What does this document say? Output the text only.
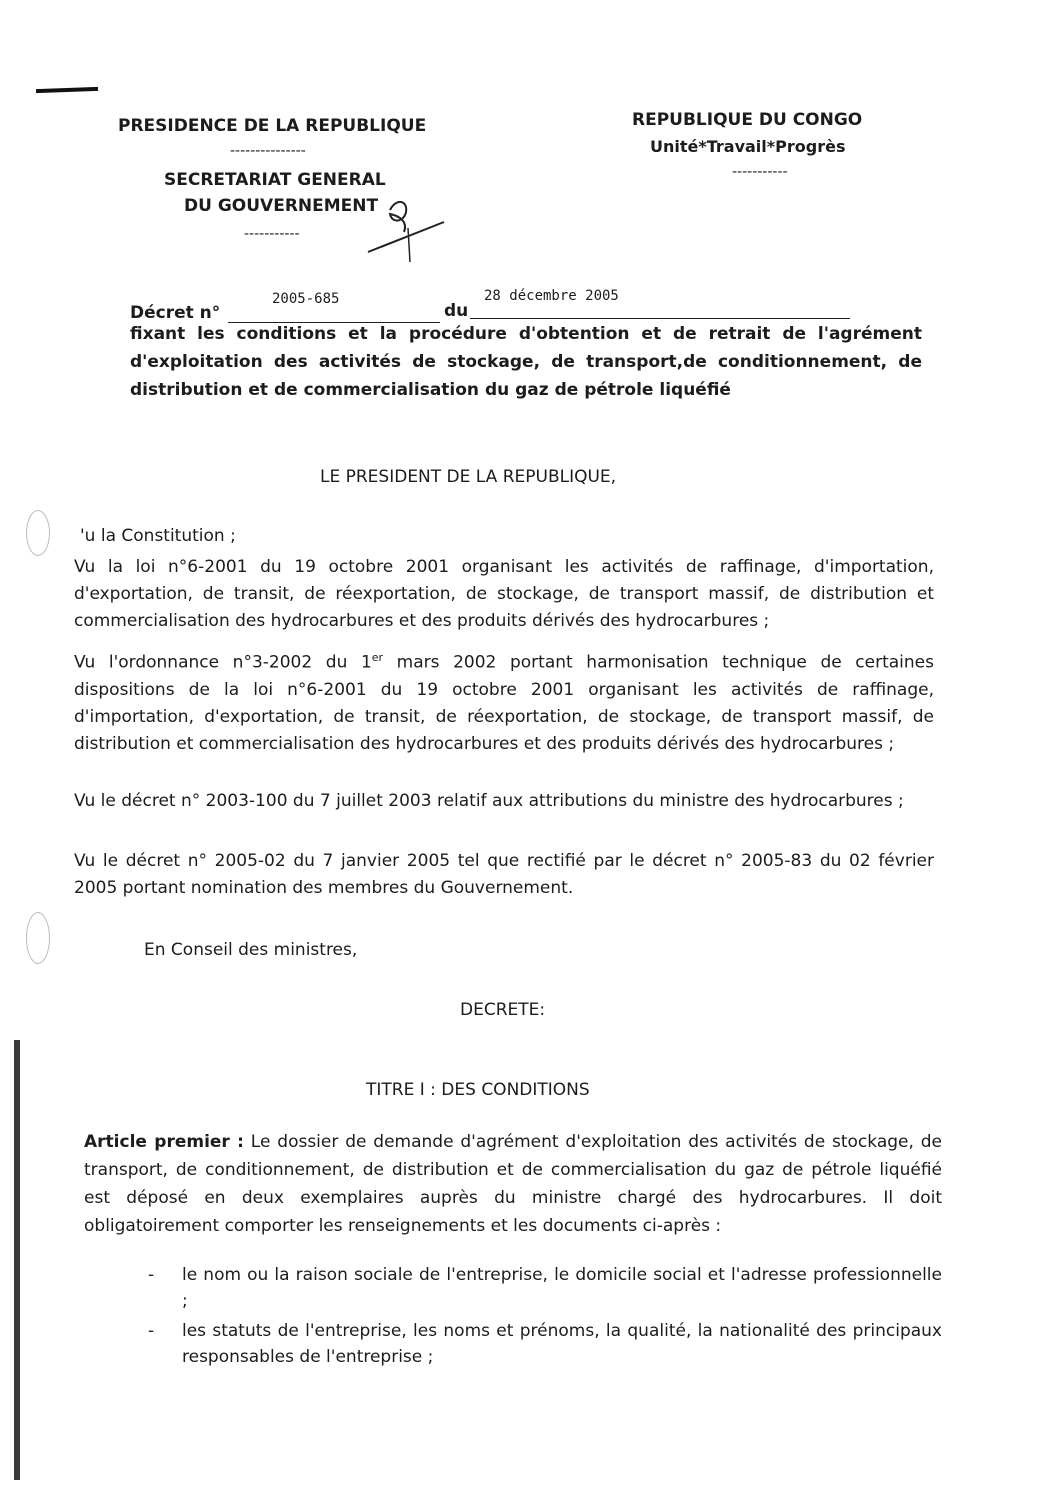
PRESIDENCE DE LA REPUBLIQUE
---------------
SECRETARIAT GENERAL
DU GOUVERNEMENT
-----------
REPUBLIQUE DU CONGO
Unité*Travail*Progrès
-----------
Décret n°
2005-685
du
28 décembre 2005
fixant les conditions et la procédure d'obtention et de retrait de l'agrément d'exploitation des activités de stockage, de transport,de conditionnement, de distribution et de commercialisation du gaz de pétrole liquéfié
LE PRESIDENT DE LA REPUBLIQUE,
'u la Constitution ;
Vu la loi n°6-2001 du 19 octobre 2001 organisant les activités de raffinage, d'importation, d'exportation, de transit, de réexportation, de stockage, de transport massif, de distribution et commercialisation des hydrocarbures et des produits dérivés des hydrocarbures ;
Vu l'ordonnance n°3-2002 du 1er mars 2002 portant harmonisation technique de certaines dispositions de la loi n°6-2001 du 19 octobre 2001 organisant les activités de raffinage, d'importation, d'exportation, de transit, de réexportation, de stockage, de transport massif, de distribution et commercialisation des hydrocarbures et des produits dérivés des hydrocarbures ;
Vu le décret n° 2003-100 du 7 juillet 2003 relatif aux attributions du ministre des hydrocarbures ;
Vu le décret n° 2005-02 du 7 janvier 2005 tel que rectifié par le décret n° 2005-83 du 02 février 2005 portant nomination des membres du Gouvernement.
En Conseil des ministres,
DECRETE:
TITRE I : DES CONDITIONS
Article premier : Le dossier de demande d'agrément d'exploitation des activités de stockage, de transport, de conditionnement, de distribution et de commercialisation du gaz de pétrole liquéfié est déposé en deux exemplaires auprès du ministre chargé des hydrocarbures. Il doit obligatoirement comporter les renseignements et les documents ci-après :
- le nom ou la raison sociale de l'entreprise, le domicile social et l'adresse professionnelle ;
- les statuts de l'entreprise, les noms et prénoms, la qualité, la nationalité des principaux responsables de l'entreprise ;
